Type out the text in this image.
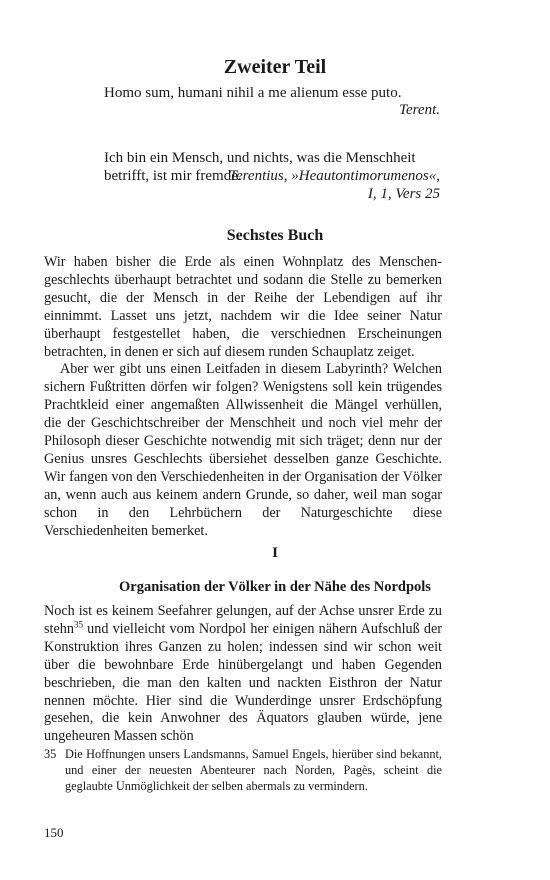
Zweiter Teil
Homo sum, humani nihil a me alienum esse puto.
Terent.
Ich bin ein Mensch, und nichts, was die Menschheit
betrifft, ist mir fremde.
Terentius, »Heautontimorumenos«,
I, 1, Vers 25
Sechstes Buch

Wir haben bisher die Erde als einen Wohnplatz des Menschengeschlechts überhaupt betrachtet und sodann die Stelle zu bemerken gesucht, die der Mensch in der Reihe der Lebendigen auf ihr einnimmt. Lasset uns jetzt, nachdem wir die Idee seiner Natur überhaupt festgestellet haben, die verschiednen Erscheinungen betrachten, in denen er sich auf diesem runden Schauplatz zeiget.

Aber wer gibt uns einen Leitfaden in diesem Labyrinth? Welchen sichern Fußtritten dörfen wir folgen? Wenigstens soll kein trügendes Prachtkleid einer angemaßten Allwissenheit die Mängel verhüllen, die der Geschichtschreiber der Menschheit und noch viel mehr der Philosoph dieser Geschichte notwendig mit sich träget; denn nur der Genius unsres Geschlechts übersiehet desselben ganze Geschichte. Wir fangen von den Verschiedenheiten in der Organisation der Völker an, wenn auch aus keinem andern Grunde, so daher, weil man sogar schon in den Lehrbüchern der Naturgeschichte diese Verschiedenheiten bemerket.

I
Organisation der Völker in der Nähe des Nordpols

Noch ist es keinem Seefahrer gelungen, auf der Achse unsrer Erde zu stehn$^{35}$ und vielleicht vom Nordpol her einigen nähern Aufschluß der Konstruktion ihres Ganzen zu holen; indessen sind wir schon weit über die bewohnbare Erde hinübergelangt und haben Gegenden beschrieben, die man den kalten und nackten Eisthron der Natur nennen möchte. Hier sind die Wunderdinge unsrer Erdschöpfung gesehen, die kein Anwohner des Äquators glauben würde, jene ungeheuren Massen schön

35 Die Hoffnungen unsers Landsmanns, Samuel Engels, hierüber sind bekannt, und einer der neuesten Abenteurer nach Norden, Pagès, scheint die geglaubte Unmöglichkeit der selben abermals zu vermindern.
150
